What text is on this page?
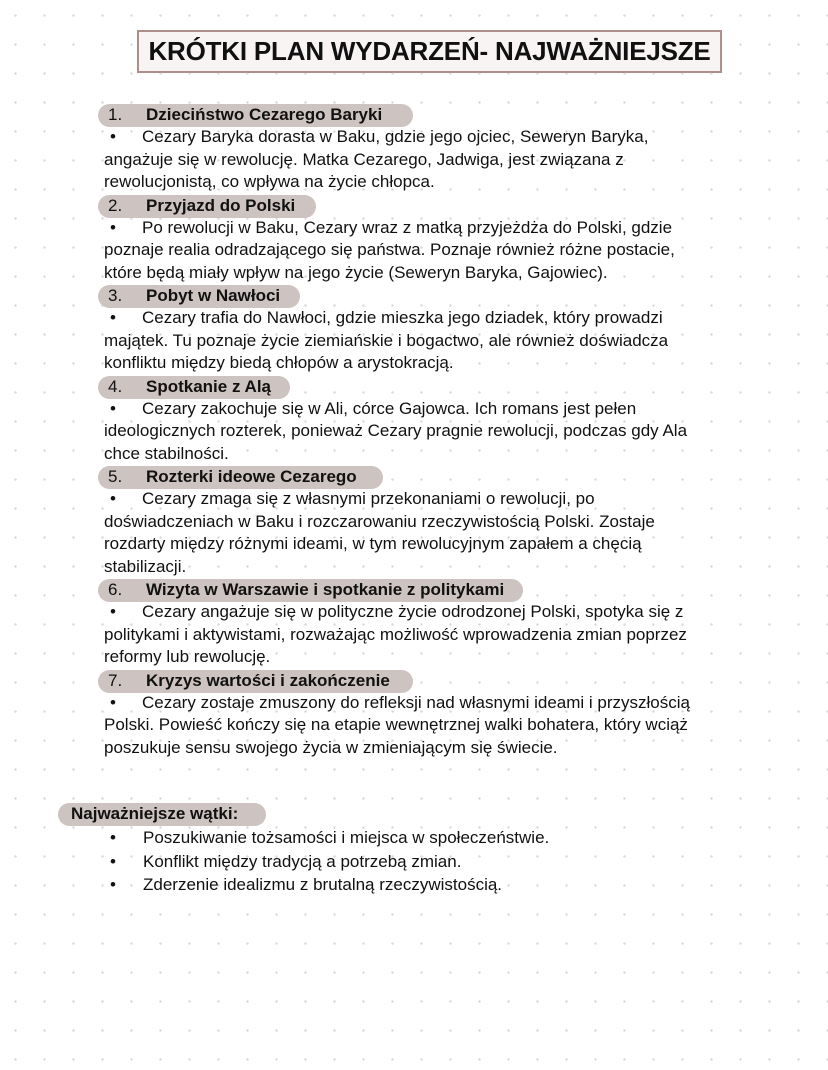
KRÓTKI PLAN WYDARZEŃ- NAJWAŻNIEJSZE
1. Dzieciństwo Cezarego Baryki

• Cezary Baryka dorasta w Baku, gdzie jego ojciec, Seweryn Baryka,
angażuje się w rewolucję. Matka Cezarego, Jadwiga, jest związana z
rewolucjonistą, co wpływa na życie chłopca.

2. Przyjazd do Polski

• Po rewolucji w Baku, Cezary wraz z matką przyjeżdża do Polski, gdzie
poznaje realia odradzającego się państwa. Poznaje również różne postacie,
które będą miały wpływ na jego życie (Seweryn Baryka, Gajowiec).

3. Pobyt w Nawłoci

• Cezary trafia do Nawłoci, gdzie mieszka jego dziadek, który prowadzi
majątek. Tu poznaje życie ziemiańskie i bogactwo, ale również doświadcza
konfliktu między biedą chłopów a arystokracją.

4. Spotkanie z Alą

• Cezary zakochuje się w Ali, córce Gajowca. Ich romans jest pełen
ideologicznych rozterek, ponieważ Cezary pragnie rewolucji, podczas gdy Ala
chce stabilności.

5. Rozterki ideowe Cezarego

• Cezary zmaga się z własnymi przekonaniami o rewolucji, po
doświadczeniach w Baku i rozczarowaniu rzeczywistością Polski. Zostaje
rozdarty między różnymi ideami, w tym rewolucyjnym zapałem a chęcią
stabilizacji.

6. Wizyta w Warszawie i spotkanie z politykami

• Cezary angażuje się w polityczne życie odrodzonej Polski, spotyka się z
politykami i aktywistami, rozważając możliwość wprowadzenia zmian poprzez
reformy lub rewolucję.

7. Kryzys wartości i zakończenie

• Cezary zostaje zmuszony do refleksji nad własnymi ideami i przyszłością
Polski. Powieść kończy się na etapie wewnętrznej walki bohatera, który wciąż
poszukuje sensu swojego życia w zmieniającym się świecie.

Najważniejsze wątki:
• Poszukiwanie tożsamości i miejsca w społeczeństwie.
• Konflikt między tradycją a potrzebą zmian.
• Zderzenie idealizmu z brutalną rzeczywistością.
